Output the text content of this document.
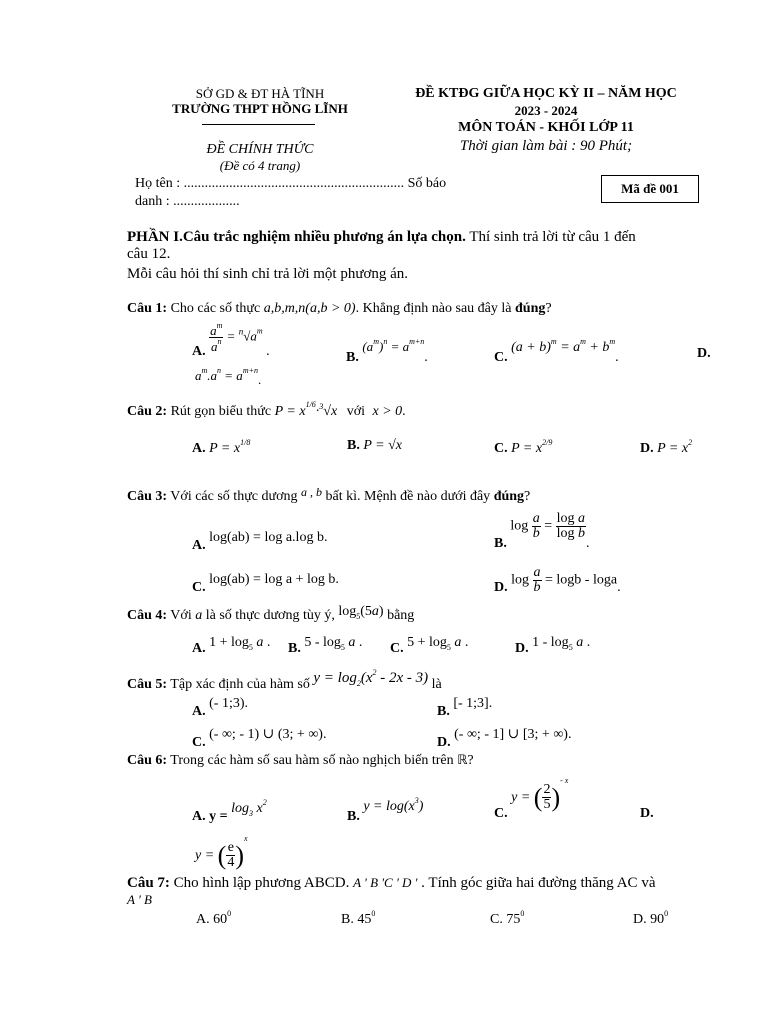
SỞ GD & ĐT HÀ TĨNH
TRƯỜNG THPT HỒNG LĨNH
ĐỀ CHÍNH THỨC
(Đề có 4 trang)
ĐỀ KTĐG GIỮA HỌC KỲ II – NĂM HỌC
2023 - 2024
MÔN TOÁN - KHỐI LỚP 11
Thời gian làm bài : 90 Phút;
Họ tên : ............................................................... Số báo
danh : ...................
Mã đề 001
PHẦN I.Câu trắc nghiệm nhiều phương án lựa chọn. Thí sinh trả lời từ câu 1 đến
câu 12.
Mỗi câu hỏi thí sinh chỉ trả lời một phương án.
Câu 1: Cho các số thực a,b,m,n(a,b > 0). Khẳng định nào sau đây là đúng?
A. $\frac{a^m}{a^n} = ^n√a^m$ .	B. $(a^m)^n = a^{m+n}$.	C. $(a + b)^m = a^m + b^m$.	D.
$a^m.a^n = a^{m+n}$.
Câu 2: Rút gọn biểu thức $P = x^{1/6}\cdot^3√x$ với x > 0.
A. $P = x^{1/8}$	B. P = √x	C. $P = x^{2/9}$	D. $P = x^2$
Câu 3: Với các số thực dương a , b bất kì. Mệnh đề nào dưới đây đúng?
A. log(ab) = log a.log b.	B. $\log \frac{a}{b} = \frac{\text{log a}}{\text{log b}}$
.
C. log(ab) = log a + log b.
D. $\log \frac{a}{b} = \log b - \log a$.
Câu 4: Với a là số thực dương tùy ý, $\log_5(5a)$ bằng
A. $1 + \log_5 a$ . B. $5 - \log_5 a$ . C. $5 + \log_5 a$ .	D. $1 - \log_5 a$ .
Câu 5: Tập xác định của hàm số $y = \log_2(x^2 - 2x - 3)$ là
A. (- 1;3).
B. [- 1;3].
C. (- ∞; - 1) ∪ (3; + ∞).
D. (- ∞; - 1] ∪ [3; + ∞).
Câu 6: Trong các hàm số sau hàm số nào nghịch biến trên ℝ?
A. $y = \log_3 x^2$
B. $y = \log(x^3)$	C. y = ( $\frac{2}{5} )^{- x}$
D.
y = ( $\frac{e}{4} )^x$
Câu 7: Cho hình lập phương ABCD. A ' B 'C ' D ' . Tính góc giữa hai đường thăng AC và
A ' B
A. $60^0$	B. $45^0$	C. $75^0$	D. $90^0$
